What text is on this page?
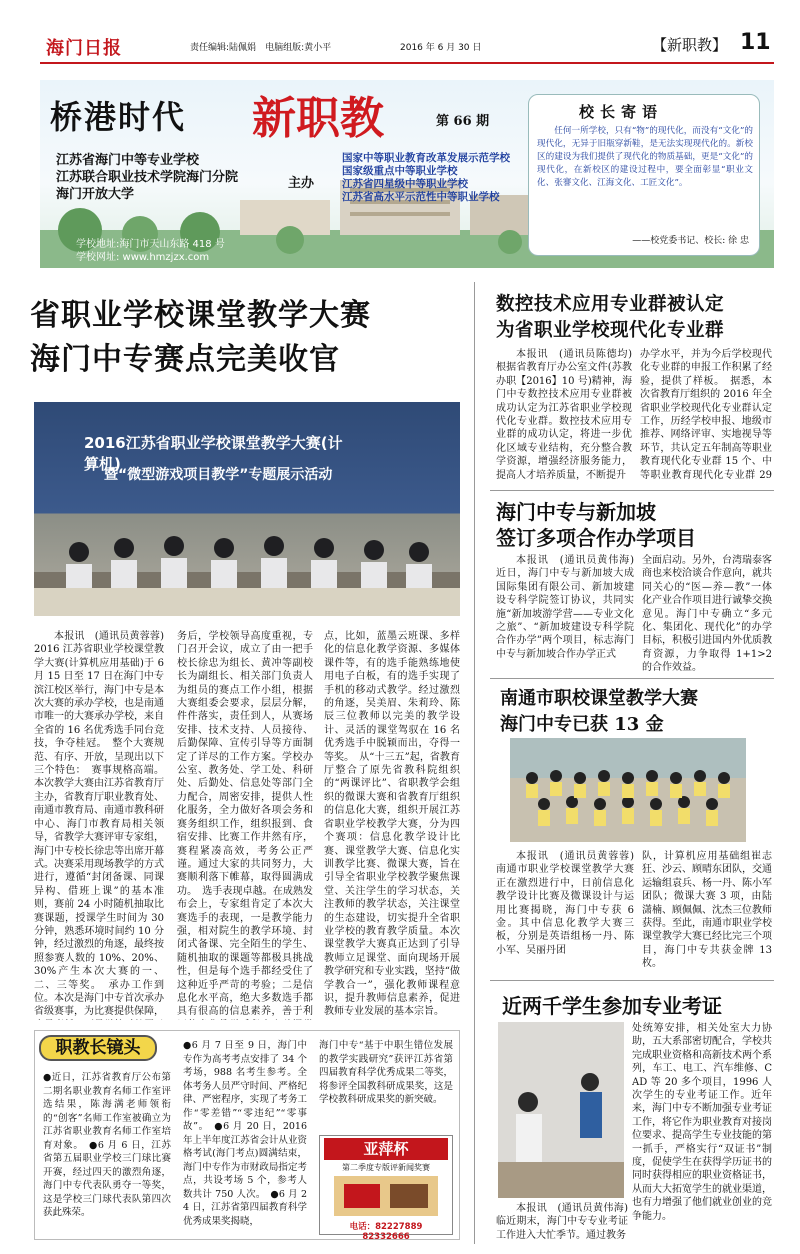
海门日报	责任编辑:陆佩娟　 电脑组版:黄小平	2016 年 6 月 30 日	【新职教】 11
桥港时代 新职教	第 66 期
江苏省海门中等专业学校
江苏联合职业技术学院海门分院
海门开放大学
主办
国家中等职业教育改革发展示范学校
国家级重点中等职业学校
江苏省四星级中等职业学校
江苏省高水平示范性中等职业学校
学校地址:海门市天山东路 418 号
学校网址: www.hmzjzx.com
校长寄语
任何一所学校，只有“物”的现代化，而没有“文化”的现代化，无异于旧瓶穿新鞋，是无法实现现代化的。新校区的建设为我们提供了现代化的物质基础，更是“文化”的现代化，在新校区的建设过程中，要全面彰显“职业文化、张謇文化、江海文化、工匠文化”。
——校党委书记、校长: 徐 忠
省职业学校课堂教学大赛
海门中专赛点完美收官
2016江苏省职业学校课堂教学大赛(计算机)
暨“微型游戏项目教学”专题展示活动
本报讯　(通讯员黄蓉蓉) 2016 江苏省职业学校课堂教学大赛(计算机应用基础)于 6 月 15 日至 17 日在海门中专滨江校区举行，海门中专是本次大赛的承办学校，也是南通市唯一的大赛承办学校，来自全省的 16 名优秀选手同台竞技，争夺桂冠。　整个大赛规范、有序、开放，呈现出以下三个特色：　赛事规格高端。本次教学大赛由江苏省教育厅主办，省教育厅职业教育处、南通市教育局、南通市教科研中心、海门市教育局相关领导，省教学大赛评审专家组，海门中专校长徐忠等出席开幕式。决赛采用现场教学的方式进行，遵循“封闭备课、同课异构、借班上课”的基本准则，赛前 24 小时随机抽取比赛课题，授课学生时间为 30 分钟，熟悉环境时间约 10 分钟，经过激烈的角逐，最终按照参赛人数的 10%、20%、30%产生本次大赛的一、二、三等奖。　承办工作到位。本次是海门中专首次承办省级赛事，为比赛提供保障，
务后，学校领导高度重视，专门召开会议，成立了由一把手校长徐忠为组长、黄冲等副校长为副组长、相关部门负责人为组员的赛点工作小组，根据大赛组委会要求，层层分解，件件落实，责任到人，从赛场安排、技术支持、人员接待、后勤保障、宣传引导等方面制定了详尽的工作方案。学校办公室、教务处、学工处、科研处、后勤处、信息处等部门全力配合，周密安排，提供人性化服务，全力做好各项会务和赛务组织工作，组织报到、食宿安排、比赛工作井然有序，赛程紧凑高效，考务公正严谨。通过大家的共同努力，大赛顺利落下帷幕，取得圆满成功。　选手表现卓越。在成熟发布会上，专家组肯定了本次大赛选手的表现，一是教学能力强，相对院生的教学环境、封闭式备课、完全陌生的学生、随机抽取的课题等都极具挑战性，但是每个选手都经受住了这种近乎严苛的考验；二是信息化水平高，绝大多数选手都具有很高的信息素养，善于利
点，比如，蓝墨云班课、多样化的信息化教学资源、多媒体课件等，有的选手能熟练地使用电子白板，有的选手实现了手机的移动式教学。经过激烈的角逐，吴美眉、朱莉玲、陈辰三位教师以完美的教学设计、灵活的课堂驾驭在 16 名优秀选手中脱颖而出，夺得一等奖。　从“十三五”起，省教育厅整合了原先省教科院组织的“两课评比”、省职教学会组织的微课大赛和省教育厅组织的信息化大赛，组织开展江苏省职业学校教学大赛，分为四个赛项：信息化教学设计比赛、课堂教学大赛、信息化实训教学比赛、微课大赛，旨在引导全省职业学校教学聚焦课堂、关注学生的学习状态，关注教师的教学状态，关注课堂的生态建设，切实提升全省职业学校的教育教学质量。本次课堂教学大赛真正达到了引导教师立足课堂、面向现场开展教学研究和专业实践，坚持“做学教合一”，强化教师课程意识，提升教师信息素养，促进教师专业发展的基本宗旨。
职教长镜头
●近日，江苏省教育厅公布第二期名职业教育名师工作室评选结果，陈海满老师领衔的“创客”名师工作室被确立为江苏省职业教育名师工作室培育对象。　●6 月 6 日，江苏省第五届职业学校三门球比赛开赛，经过四天的激烈角逐，海门中专代表队勇夺一等奖，这是学校三门球代表队第四次获此殊荣。
●6 月 7 日至 9 日，海门中专作为高考考点安排了 34 个考场，988 名考生参考。全体考务人员严守时间、严格纪律、严密程序，实现了考务工作“零差错”“零违纪”“零事故”。　●6 月 20 日，2016 年上半年度江苏省会计从业资格考试(海门考点)圆满结束，海门中专作为市财政局指定考点，共设考场 5 个，参考人数共计 750 人次。　●6 月 24 日，江苏省第四届教育科学优秀成果奖揭晓，
海门中专“基于中职生错位发展的教学实践研究”获评江苏省第四届教育科学优秀成果二等奖，将参评全国教科研成果奖，这是学校教科研成果奖的新突破。
亚萍杯
第二季度专版评新闻奖赛
电话：82227889　82332666
数控技术应用专业群被认定
为省职业学校现代化专业群
本报讯　(通讯员陈德均) 根据省教育厅办公室文件(苏教办职【2016】10 号)精神，海门中专数控技术应用专业群被成功认定为江苏省职业学校现代化专业群。数控技术应用专业群的成功认定，将进一步优化区域专业结构，充分整合教学资源，增强经济服务能力，提高人才培养质量，不断提升
办学水平，并为今后学校现代化专业群的申报工作积累了经验，提供了样板。　据悉，本次省教育厅组织的 2016 年全省职业学校现代化专业群认定工作，历经学校申报、地级市推荐、网络评审、实地视导等环节，共认定五年制高等职业教育现代化专业群 15 个、中等职业教育现代化专业群 29
海门中专与新加坡
签订多项合作办学项目
本报讯　(通讯员黄伟海) 近日，海门中专与新加坡大成国际集团有限公司、新加坡建设专科学院签订协议，共同实施“新加坡游学营——专业文化之旅”、“新加坡建设专科学院合作办学”两个项目，标志海门中专与新加坡合作办学正式
全面启动。另外，台湾瑞泰客商也来校洽谈合作意向，就共同关心的“医—养—教”一体化产业合作项目进行诚挚交换意见。海门中专确立“多元化、集团化、现代化”的办学目标，积极引进国内外优质教育资源，力争取得 1+1>2 的合作效益。
南通市职校课堂教学大赛
海门中专已获 13 金
本报讯　(通讯员黄蓉蓉) 南通市职业学校课堂教学大赛正在激烈进行中，日前信息化教学设计比赛及微课设计与运用比赛揭晓，海门中专获 6 金。其中信息化教学大赛三板，分别是英语组杨一丹、陈小军、吴丽丹团
队，计算机应用基础组崔志狂、沙云、顾晴东团队，交通运输组袁兵、杨一丹、陈小军团队；微课大赛 3 项，由陆潇楠、顾佩佩、沈杰三位教师获得。至此，南通市职业学校课堂教学大赛已经比完三个项目，海门中专共获金牌 13 枚。
近两千学生参加专业考证
处统筹安排，相关处室大力协助，五大系部密切配合，学校共完成职业资格和高新技术两个系列，车工、电工、汽车维修、CAD 等 20 多个项目，1996 人次学生的专业考证工作。近年来，海门中专不断加强专业考证工作，将它作为职业教育对接岗位要求、提高学生专业技能的第一抓手，严格实行“双证书”制度，促使学生在获得学历证书的同时获得相应的职业资格证书，从而大大拓宽学生的就业渠道，也有力增强了他们就业创业的竞争能力。
本报讯　(通讯员黄伟海) 临近期末，海门中专专业考证工作进入大忙季节。通过教务
